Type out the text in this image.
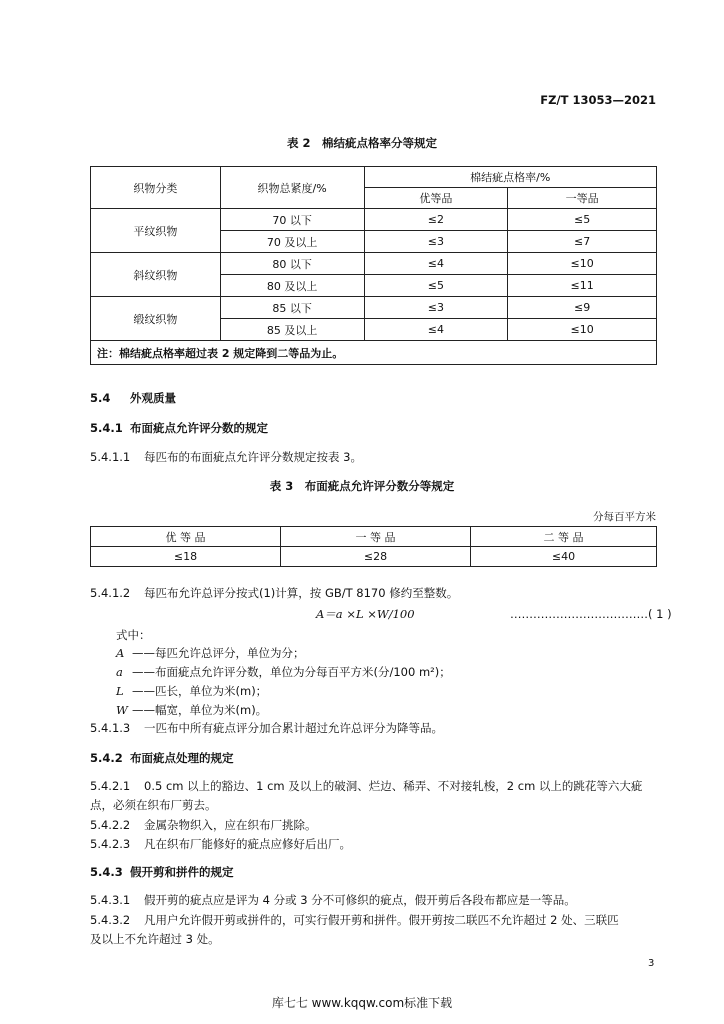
FZ/T 13053—2021
表 2　棉结疵点格率分等规定
织物分类	织物总紧度/%	棉结疵点格率/%	
		优等品	一等品
平纹织物	70 以下	≤2	≤5
	70 及以上	≤3	≤7
斜纹织物	80 以下	≤4	≤10
	80 及以上	≤5	≤11
缎纹织物	85 以下	≤3	≤9
	85 及以上	≤4	≤10
注：棉结疵点格率超过表 2 规定降到二等品为止。			
5.4 外观质量
5.4.1 布面疵点允许评分数的规定
5.4.1.1 每匹布的布面疵点允许评分数规定按表 3。
表 3　布面疵点允许评分数分等规定
分每百平方米
优 等 品	一 等 品	二 等 品
≤18	≤28	≤40
5.4.1.2 每匹布允许总评分按式(1)计算，按 GB/T 8170 修约至整数。
A＝a ×L ×W/100	………………………………( 1 )
式中：
A ——每匹允许总评分，单位为分；
a ——布面疵点允许评分数，单位为分每百平方米(分/100 m²)；
L ——匹长，单位为米(m)；
W ——幅宽，单位为米(m)。
5.4.1.3 一匹布中所有疵点评分加合累计超过允许总评分为降等品。
5.4.2 布面疵点处理的规定
5.4.2.1 0.5 cm 以上的豁边、1 cm 及以上的破洞、烂边、稀弄、不对接轧梭，2 cm 以上的跳花等六大疵
点，必须在织布厂剪去。
5.4.2.2 金属杂物织入，应在织布厂挑除。
5.4.2.3 凡在织布厂能修好的疵点应修好后出厂。
5.4.3 假开剪和拼件的规定
5.4.3.1 假开剪的疵点应是评为 4 分或 3 分不可修织的疵点，假开剪后各段布都应是一等品。
5.4.3.2 凡用户允许假开剪或拼件的，可实行假开剪和拼件。假开剪按二联匹不允许超过 2 处、三联匹
及以上不允许超过 3 处。
3
库七七 www.kqqw.com标准下载
